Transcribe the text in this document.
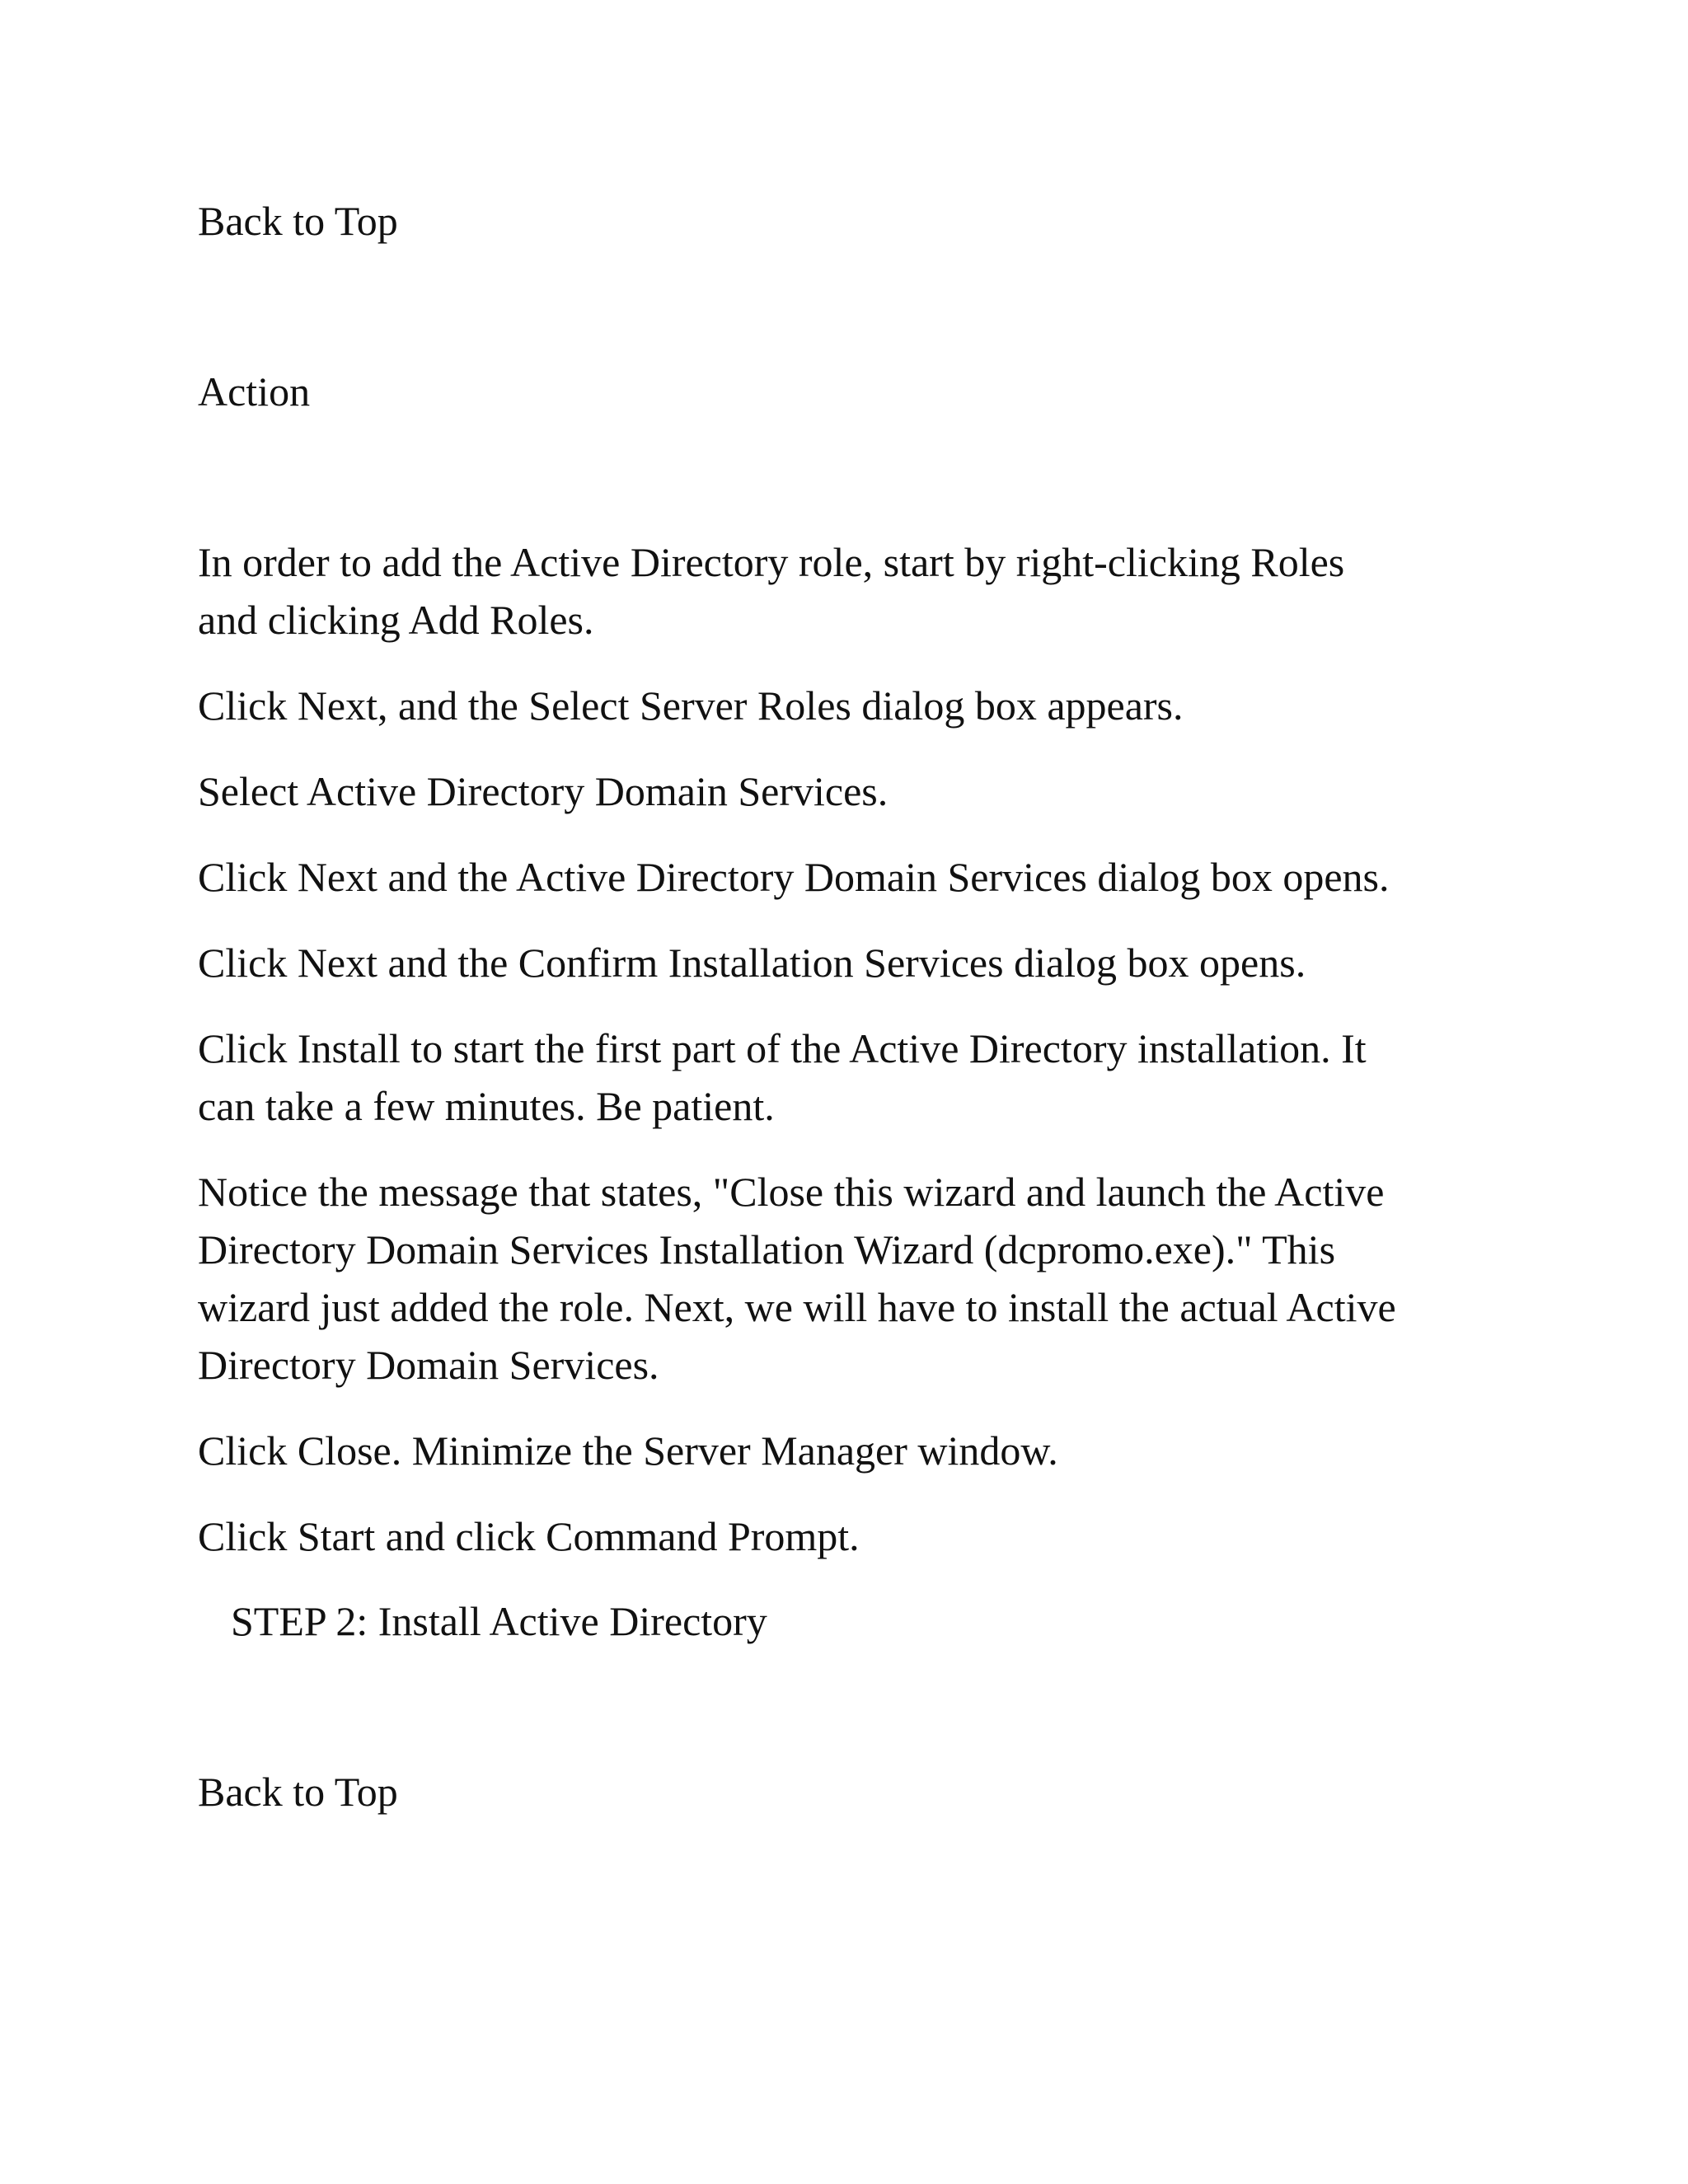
Back to Top
Action

In order to add the Active Directory role, start by right-clicking Roles

and clicking Add Roles.

Click Next, and the Select Server Roles dialog box appears.

Select Active Directory Domain Services.

Click Next and the Active Directory Domain Services dialog box opens.

Click Next and the Confirm Installation Services dialog box opens.

Click Install to start the first part of the Active Directory installation. It

can take a few minutes. Be patient.

Notice the message that states, "Close this wizard and launch the Active

Directory Domain Services Installation Wizard (dcpromo.exe)." This

wizard just added the role. Next, we will have to install the actual Active

Directory Domain Services.

Click Close. Minimize the Server Manager window.

Click Start and click Command Prompt.

STEP 2: Install Active Directory
Back to Top
